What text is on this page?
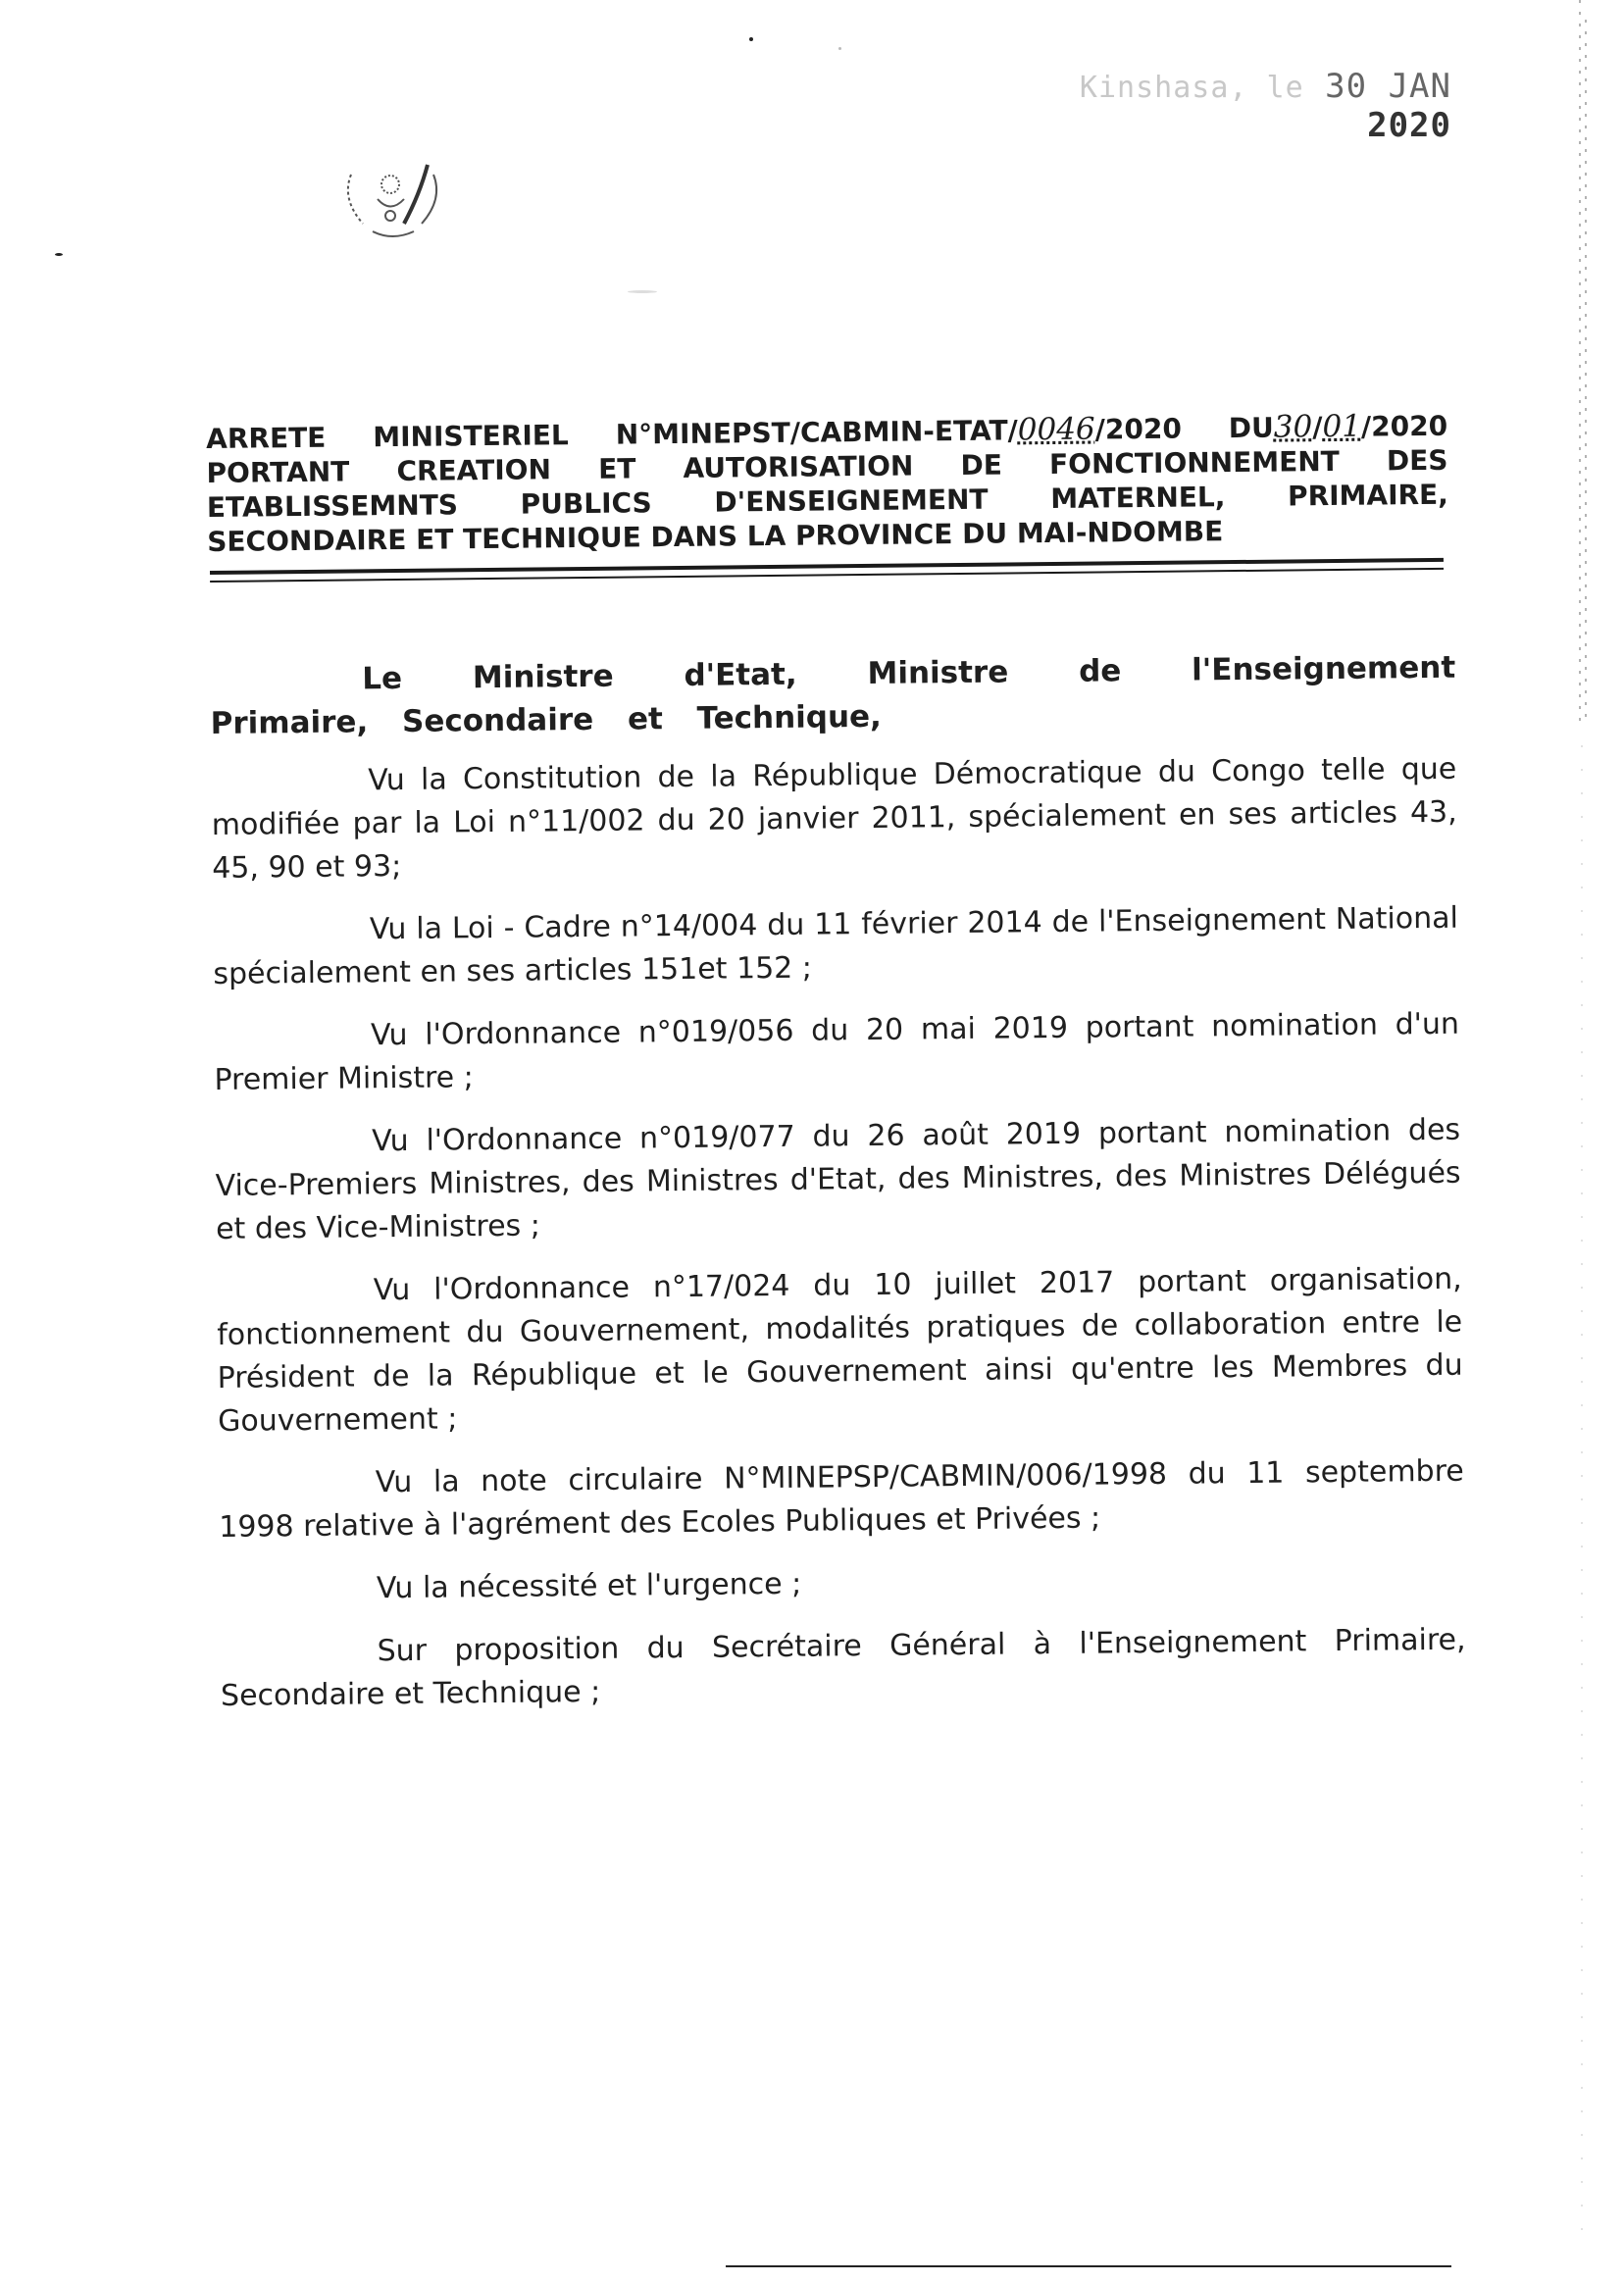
Kinshasa, le 30 JAN 2020
ARRETE MINISTERIEL N°MINEPST/CABMIN-ETAT/0046/2020 DU30/01/2020
PORTANT CREATION ET AUTORISATION DE FONCTIONNEMENT DES
ETABLISSEMNTS PUBLICS D'ENSEIGNEMENT MATERNEL, PRIMAIRE,
SECONDAIRE ET TECHNIQUE DANS LA PROVINCE DU MAI-NDOMBE

Le Ministre d'Etat, Ministre de l'Enseignement Primaire, Secondaire et Technique,

Vu la Constitution de la République Démocratique du Congo telle que modifiée par la Loi n°11/002 du 20 janvier 2011, spécialement en ses articles 43, 45, 90 et 93;

Vu la Loi - Cadre n°14/004 du 11 février 2014 de l'Enseignement National spécialement en ses articles 151et 152 ;

Vu l'Ordonnance n°019/056 du 20 mai 2019 portant nomination d'un Premier Ministre ;

Vu l'Ordonnance n°019/077 du 26 août 2019 portant nomination des Vice-Premiers Ministres, des Ministres d'Etat, des Ministres, des Ministres Délégués et des Vice-Ministres ;

Vu l'Ordonnance n°17/024 du 10 juillet 2017 portant organisation, fonctionnement du Gouvernement, modalités pratiques de collaboration entre le Président de la République et le Gouvernement ainsi qu'entre les Membres du Gouvernement ;

Vu la note circulaire N°MINEPSP/CABMIN/006/1998 du 11 septembre 1998 relative à l'agrément des Ecoles Publiques et Privées ;

Vu la nécessité et l'urgence ;

Sur proposition du Secrétaire Général à l'Enseignement Primaire, Secondaire et Technique ;
